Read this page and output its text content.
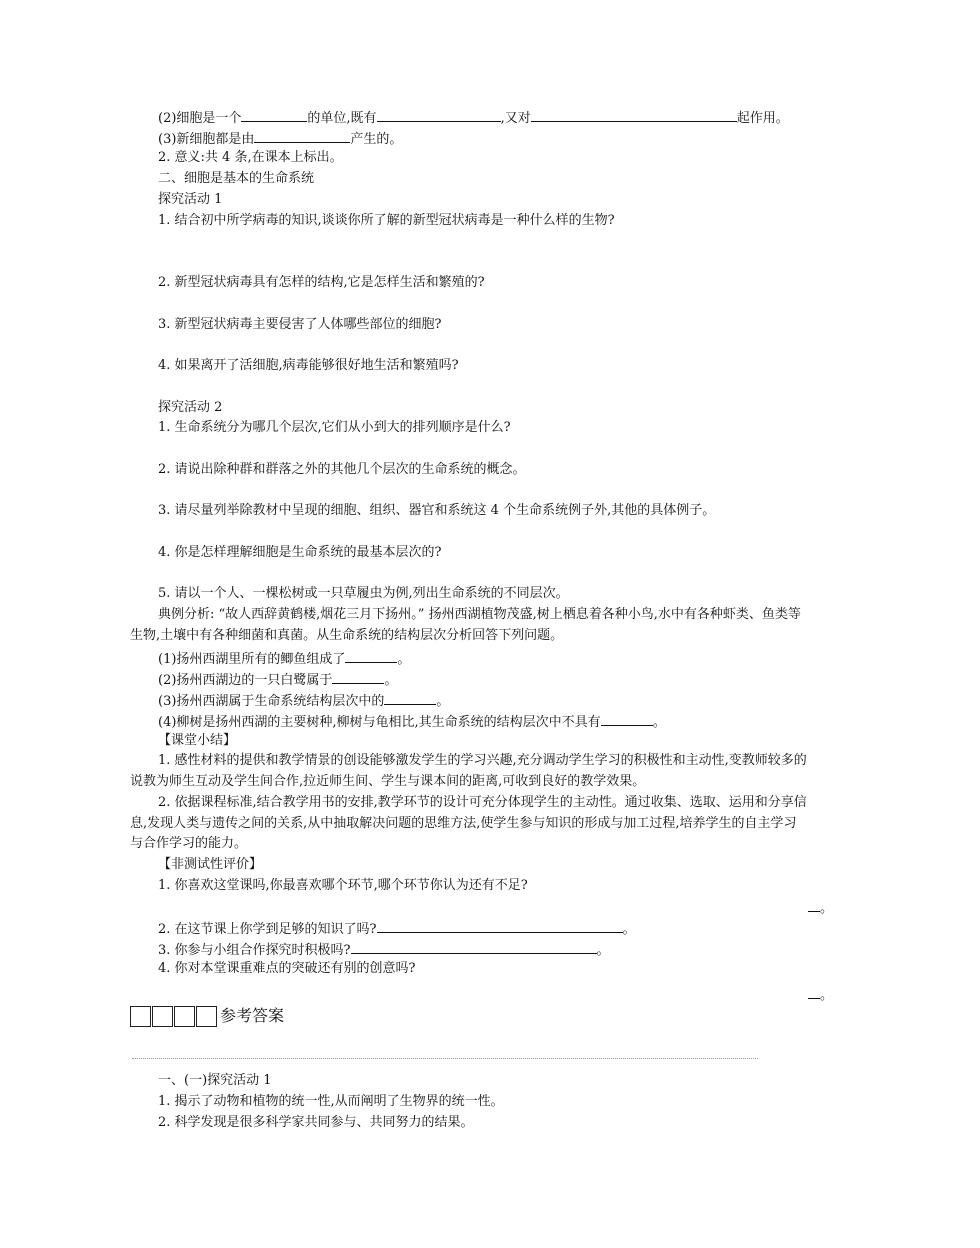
(2)细胞是一个	的单位,既有	,又对	起作用。
(3)新细胞都是由	产生的。
2. 意义:共 4 条,在课本上标出。
二、细胞是基本的生命系统
探究活动 1
1. 结合初中所学病毒的知识,谈谈你所了解的新型冠状病毒是一种什么样的生物?
2. 新型冠状病毒具有怎样的结构,它是怎样生活和繁殖的?
3. 新型冠状病毒主要侵害了人体哪些部位的细胞?
4. 如果离开了活细胞,病毒能够很好地生活和繁殖吗?
探究活动 2
1. 生命系统分为哪几个层次,它们从小到大的排列顺序是什么?
2. 请说出除种群和群落之外的其他几个层次的生命系统的概念。
3. 请尽量列举除教材中呈现的细胞、组织、器官和系统这 4 个生命系统例子外,其他的具体例子。
4. 你是怎样理解细胞是生命系统的最基本层次的?
5. 请以一个人、一棵松树或一只草履虫为例,列出生命系统的不同层次。
典例分析: “故人西辞黄鹤楼,烟花三月下扬州。” 扬州西湖植物茂盛,树上栖息着各种小鸟,水中有各种虾类、鱼类等
生物,土壤中有各种细菌和真菌。从生命系统的结构层次分析回答下列问题。
(1)扬州西湖里所有的鲫鱼组成了	。
(2)扬州西湖边的一只白鹭属于	。
(3)扬州西湖属于生命系统结构层次中的	。
(4)柳树是扬州西湖的主要树种,柳树与龟相比,其生命系统的结构层次中不具有	。
【课堂小结】
1. 感性材料的提供和教学情景的创设能够激发学生的学习兴趣,充分调动学生学习的积极性和主动性,变教师较多的
说教为师生互动及学生间合作,拉近师生间、学生与课本间的距离,可收到良好的教学效果。
2. 依据课程标准,结合教学用书的安排,教学环节的设计可充分体现学生的主动性。通过收集、选取、运用和分享信
息,发现人类与遗传之间的关系,从中抽取解决问题的思维方法,使学生参与知识的形成与加工过程,培养学生的自主学习
与合作学习的能力。
【非测试性评价】
1. 你喜欢这堂课吗,你最喜欢哪个环节,哪个环节你认为还有不足?
。
2. 在这节课上你学到足够的知识了吗?	。
3. 你参与小组合作探究时积极吗?	。
4. 你对本堂课重难点的突破还有别的创意吗?
。
参考答案
一、(一)探究活动 1
1. 揭示了动物和植物的统一性,从而阐明了生物界的统一性。
2. 科学发现是很多科学家共同参与、共同努力的结果。
